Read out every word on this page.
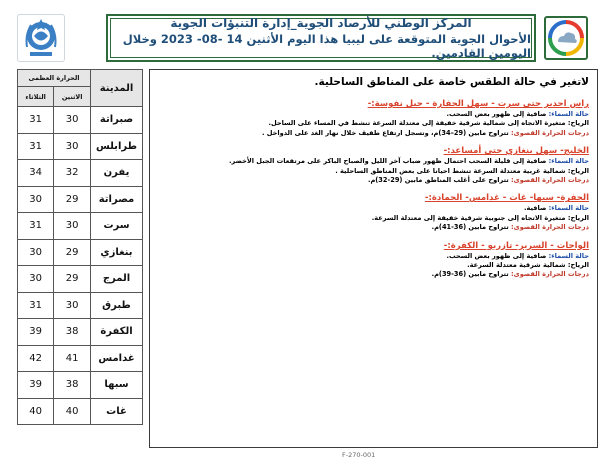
المركز الوطني للأرصاد الجوية_إدارة التنبؤات الجوية
الأحوال الجوية المتوقعة على ليبيا هذا اليوم الأثنين 14 -08- 2023 وخلال اليومين القادمين.
الحرارة العظمى		المدينة
الثلاثاء	الاثنين	
31	30	صبراتة
31	30	طرابلس
34	32	يفرن
30	29	مصراتة
31	30	سرت
30	29	بنغازي
30	29	المرج
31	30	طبرق
39	38	الكفرة
42	41	غدامس
39	38	سبها
40	40	غات
لاتغير في حالة الطقس خاصة على المناطق الساحلية.
راس اجدير حتى سرت - سهل الجفارة - جبل نفوسة:-
حالة السماء: صافية إلى ظهور بعض السحب.
الرياح: متغيرة الاتجاه إلى شمالية شرقية خفيفة إلى معتدلة السرعة تنشط في المساء على الساحل.
درجات الحرارة القصوى: تتراوح مابين (29–34)م، وتسجل ارتفاع طفيف خلال نهار الغد على الدواخل .
الخليج- سهل بنغازي حتى أمساعد:-
حالة السماء: صافية إلى قليلة السحب احتمال ظهور ضباب آخر الليل والصباح الباكر على مرتفعات الجبل الأخضر.
الرياح: شمالية غربية معتدلة السرعة تنشط احيانا على بعض المناطق الساحلية .
درجات الحرارة القصوى: تتراوح على أغلب المناطق مابين (29-32)م.
الجفرة- سبها- غات - غدامس- الحمادة:-
حالة السماء: صافية.
الرياح: متغيرة الاتجاه إلى جنوبية شرقية خفيفة إلى معتدلة السرعة.
درجات الحرارة القصوى: تتراوح مابين (36-41)م.
الواحات - السرير- تازربو - الكفرة:-
حالة السماء: صافية إلى ظهور بعض السحب.
الرياح: شمالية شرقية معتدلة السرعة.
درجات الحرارة القصوى: تتراوح مابين (36-39)م.
F-270-001
